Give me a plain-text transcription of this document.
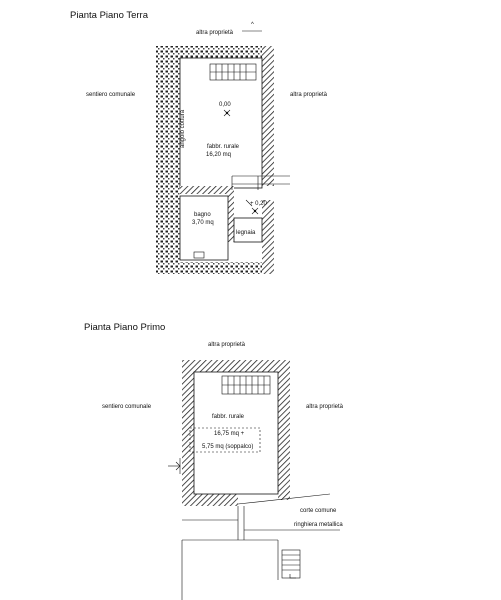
Pianta Piano Terra
altra proprietà
^
sentiero comunale	altra proprietà
0,00
angolo cottura	fabbr. rurale
16,20 mq
bagno
3,70 mq
legnaia
+ 0,20
Pianta Piano Primo
altra proprietà
sentiero comunale	altra proprietà
fabbr. rurale
16,75 mq +
5,75 mq (soppalco)
corte comune
ringhiera metallica
